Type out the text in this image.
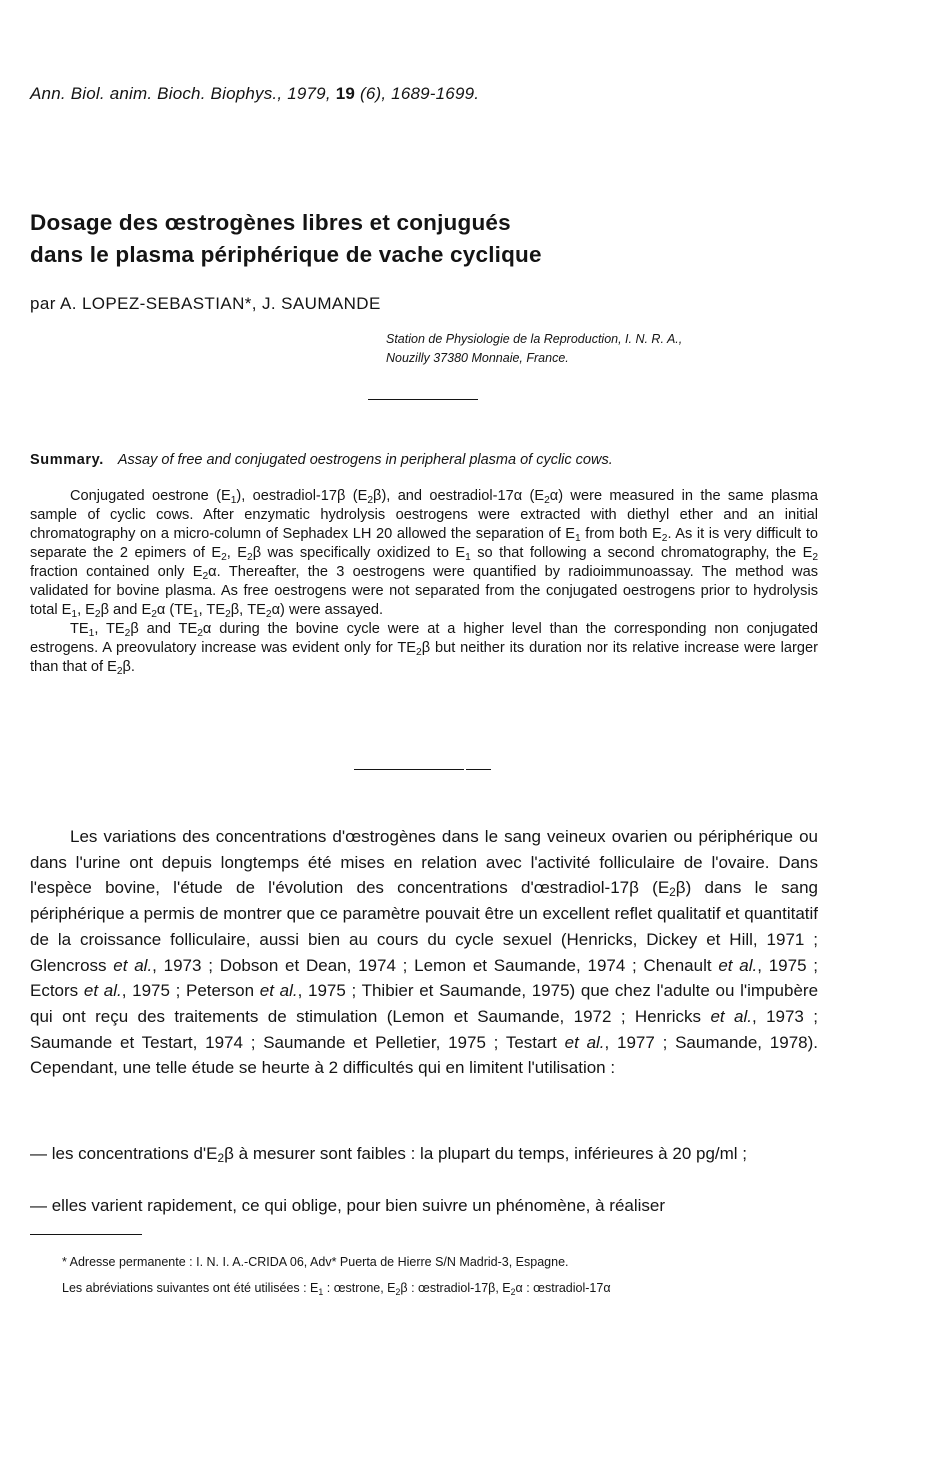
Ann. Biol. anim. Bioch. Biophys., 1979, 19 (6), 1689-1699.
Dosage des œstrogènes libres et conjugués
dans le plasma périphérique de vache cyclique
par A. LOPEZ-SEBASTIAN*, J. SAUMANDE
Station de Physiologie de la Reproduction, I. N. R. A.,
Nouzilly 37380 Monnaie, France.
Summary. Assay of free and conjugated oestrogens in peripheral plasma of cyclic cows.

Conjugated oestrone $(E_1)$, oestradiol-17β $(E_2\beta)$, and oestradiol-17α $(E_2\alpha)$ were measured in the same plasma sample of cyclic cows. After enzymatic hydrolysis oestrogens were extracted with diethyl ether and an initial chromatography on a micro-column of Sephadex LH 20 allowed the separation of $E_1$ from both $E_2$. As it is very difficult to separate the 2 epimers of $E_2$, $E_2\beta$ was specifically oxidized to $E_1$ so that following a second chromatography, the $E_2$ fraction contained only $E_2\alpha$. Thereafter, the 3 oestrogens were quantified by radioimmunoassay. The method was validated for bovine plasma. As free oestrogens were not separated from the conjugated oestrogens prior to hydrolysis total $E_1$, $E_2\beta$ and $E_2\alpha$ ($TE_1$, $TE_2\beta$, $TE_2\alpha$) were assayed.

$TE_1$, $TE_2\beta$ and $TE_2\alpha$ during the bovine cycle were at a higher level than the corresponding non conjugated estrogens. A preovulatory increase was evident only for $TE_2\beta$ but neither its duration nor its relative increase were larger than that of $E_2\beta$.

Les variations des concentrations d'œstrogènes dans le sang veineux ovarien ou périphérique ou dans l'urine ont depuis longtemps été mises en relation avec l'activité folliculaire de l'ovaire. Dans l'espèce bovine, l'étude de l'évolution des concentrations d'œstradiol-17β $(E_2\beta)$ dans le sang périphérique a permis de montrer que ce paramètre pouvait être un excellent reflet qualitatif et quantitatif de la croissance folliculaire, aussi bien au cours du cycle sexuel (Henricks, Dickey et Hill, 1971 ; Glencross et al., 1973 ; Dobson et Dean, 1974 ; Lemon et Saumande, 1974 ; Chenault et al., 1975 ; Ectors et al., 1975 ; Peterson et al., 1975 ; Thibier et Saumande, 1975) que chez l'adulte ou l'impubère qui ont reçu des traitements de stimulation (Lemon et Saumande, 1972 ; Henricks et al., 1973 ; Saumande et Testart, 1974 ; Saumande et Pelletier, 1975 ; Testart et al., 1977 ; Saumande, 1978). Cependant, une telle étude se heurte à 2 difficultés qui en limitent l'utilisation :

— les concentrations $d'E_2\beta$ à mesurer sont faibles : la plupart du temps, inférieures à 20 pg/ml ;
— elles varient rapidement, ce qui oblige, pour bien suivre un phénomène, à réaliser
* Adresse permanente : I. N. I. A.-CRIDA 06, Adv* Puerta de Hierre S/N Madrid-3, Espagne.
Les abréviations suivantes ont été utilisées : $E_1$ : œstrone, $E_2\beta$ : œstradiol-17β, $E_2\alpha$ : œstradiol-17α
